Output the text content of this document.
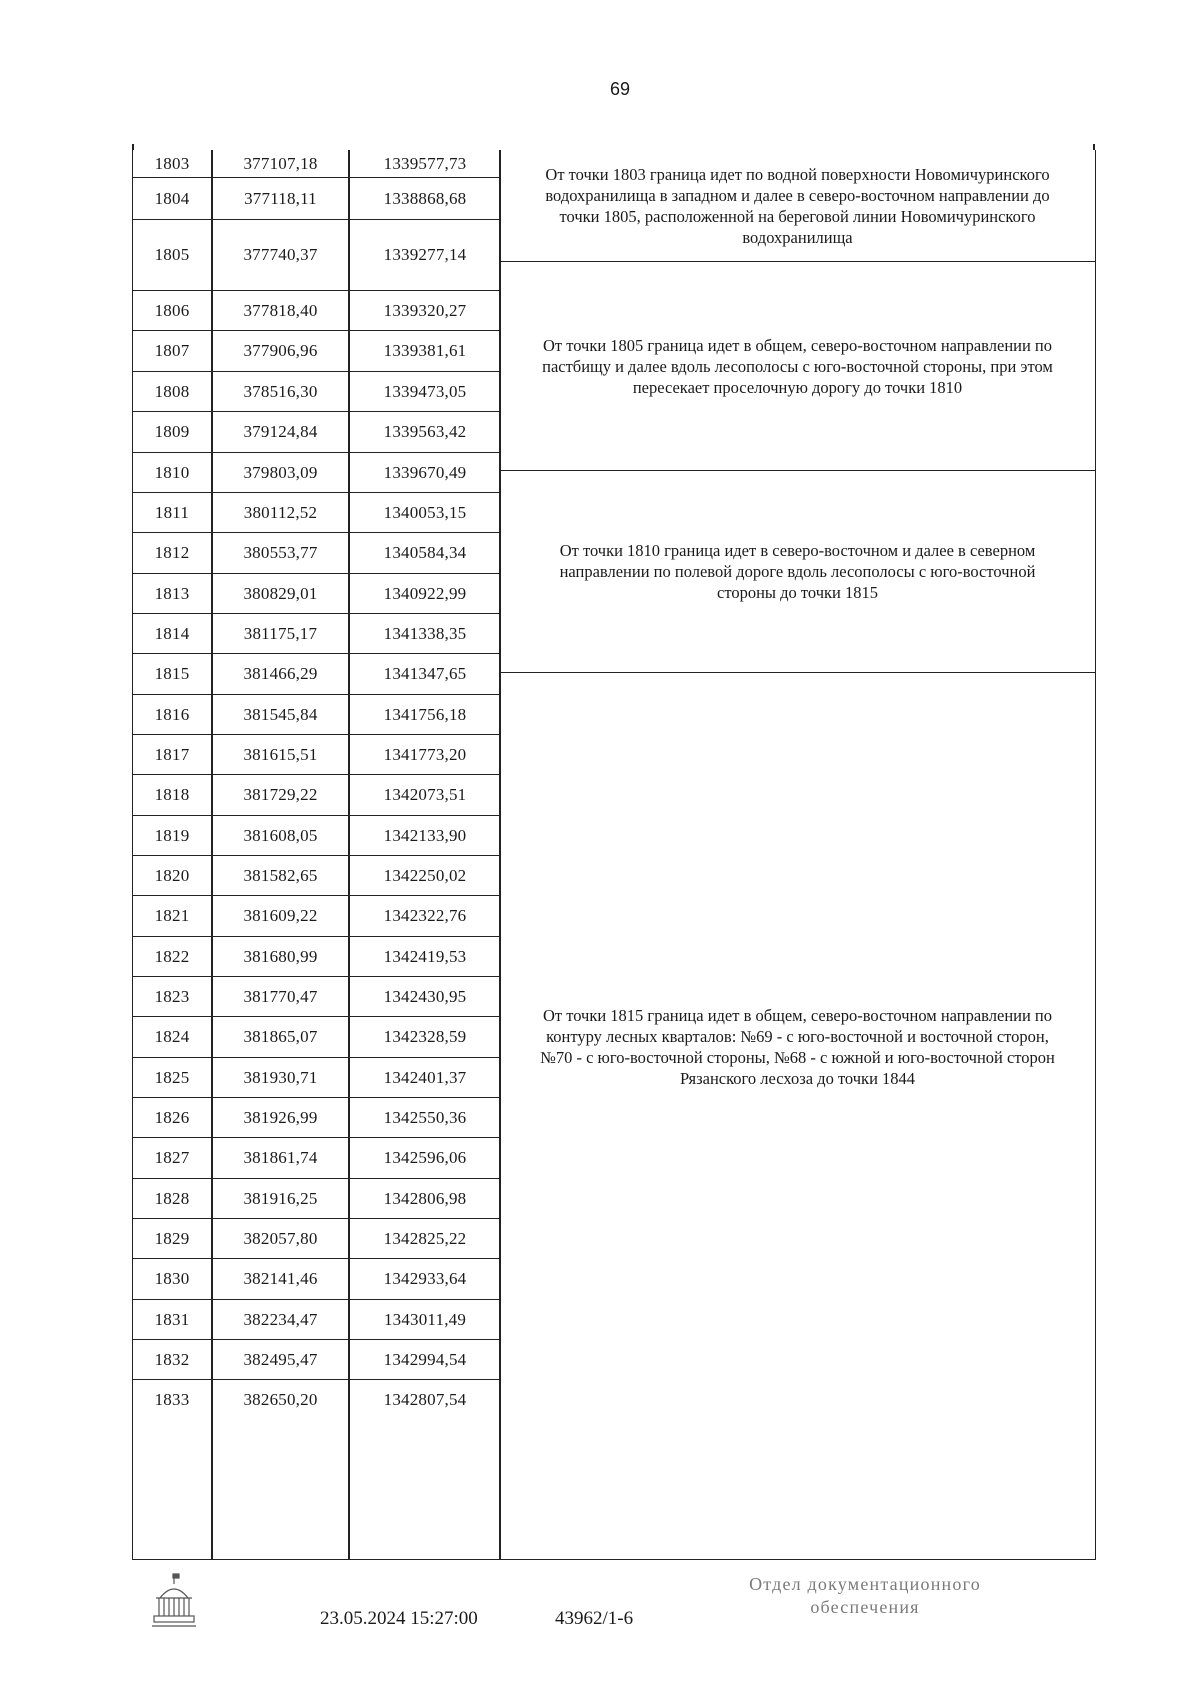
69
1803	377107,18	1339577,73
1804	377118,11	1338868,68
1805	377740,37	1339277,14
1806	377818,40	1339320,27
1807	377906,96	1339381,61
1808	378516,30	1339473,05
1809	379124,84	1339563,42
1810	379803,09	1339670,49
1811	380112,52	1340053,15
1812	380553,77	1340584,34
1813	380829,01	1340922,99
1814	381175,17	1341338,35
1815	381466,29	1341347,65
1816	381545,84	1341756,18
1817	381615,51	1341773,20
1818	381729,22	1342073,51
1819	381608,05	1342133,90
1820	381582,65	1342250,02
1821	381609,22	1342322,76
1822	381680,99	1342419,53
1823	381770,47	1342430,95
1824	381865,07	1342328,59
1825	381930,71	1342401,37
1826	381926,99	1342550,36
1827	381861,74	1342596,06
1828	381916,25	1342806,98
1829	382057,80	1342825,22
1830	382141,46	1342933,64
1831	382234,47	1343011,49
1832	382495,47	1342994,54
1833	382650,20	1342807,54
От точки 1803 граница идет по водной поверхности Новомичуринского водохранилища в западном и далее в северо-восточном направлении до точки 1805, расположенной на береговой линии Новомичуринского водохранилища
От точки 1805 граница идет в общем, северо-восточном направлении по пастбищу и далее вдоль лесополосы с юго-восточной стороны, при этом пересекает проселочную дорогу до точки 1810
От точки 1810 граница идет в северо-восточном и далее в северном направлении по полевой дороге вдоль лесополосы с юго-восточной стороны до точки 1815
От точки 1815 граница идет в общем, северо-восточном направлении по контуру лесных кварталов: №69 - с юго-восточной и восточной сторон, №70 - с юго-восточной стороны, №68 - с южной и юго-восточной сторон Рязанского лесхоза до точки 1844
23.05.2024 15:27:00	43962/1-6
Отдел документационного
обеспечения
